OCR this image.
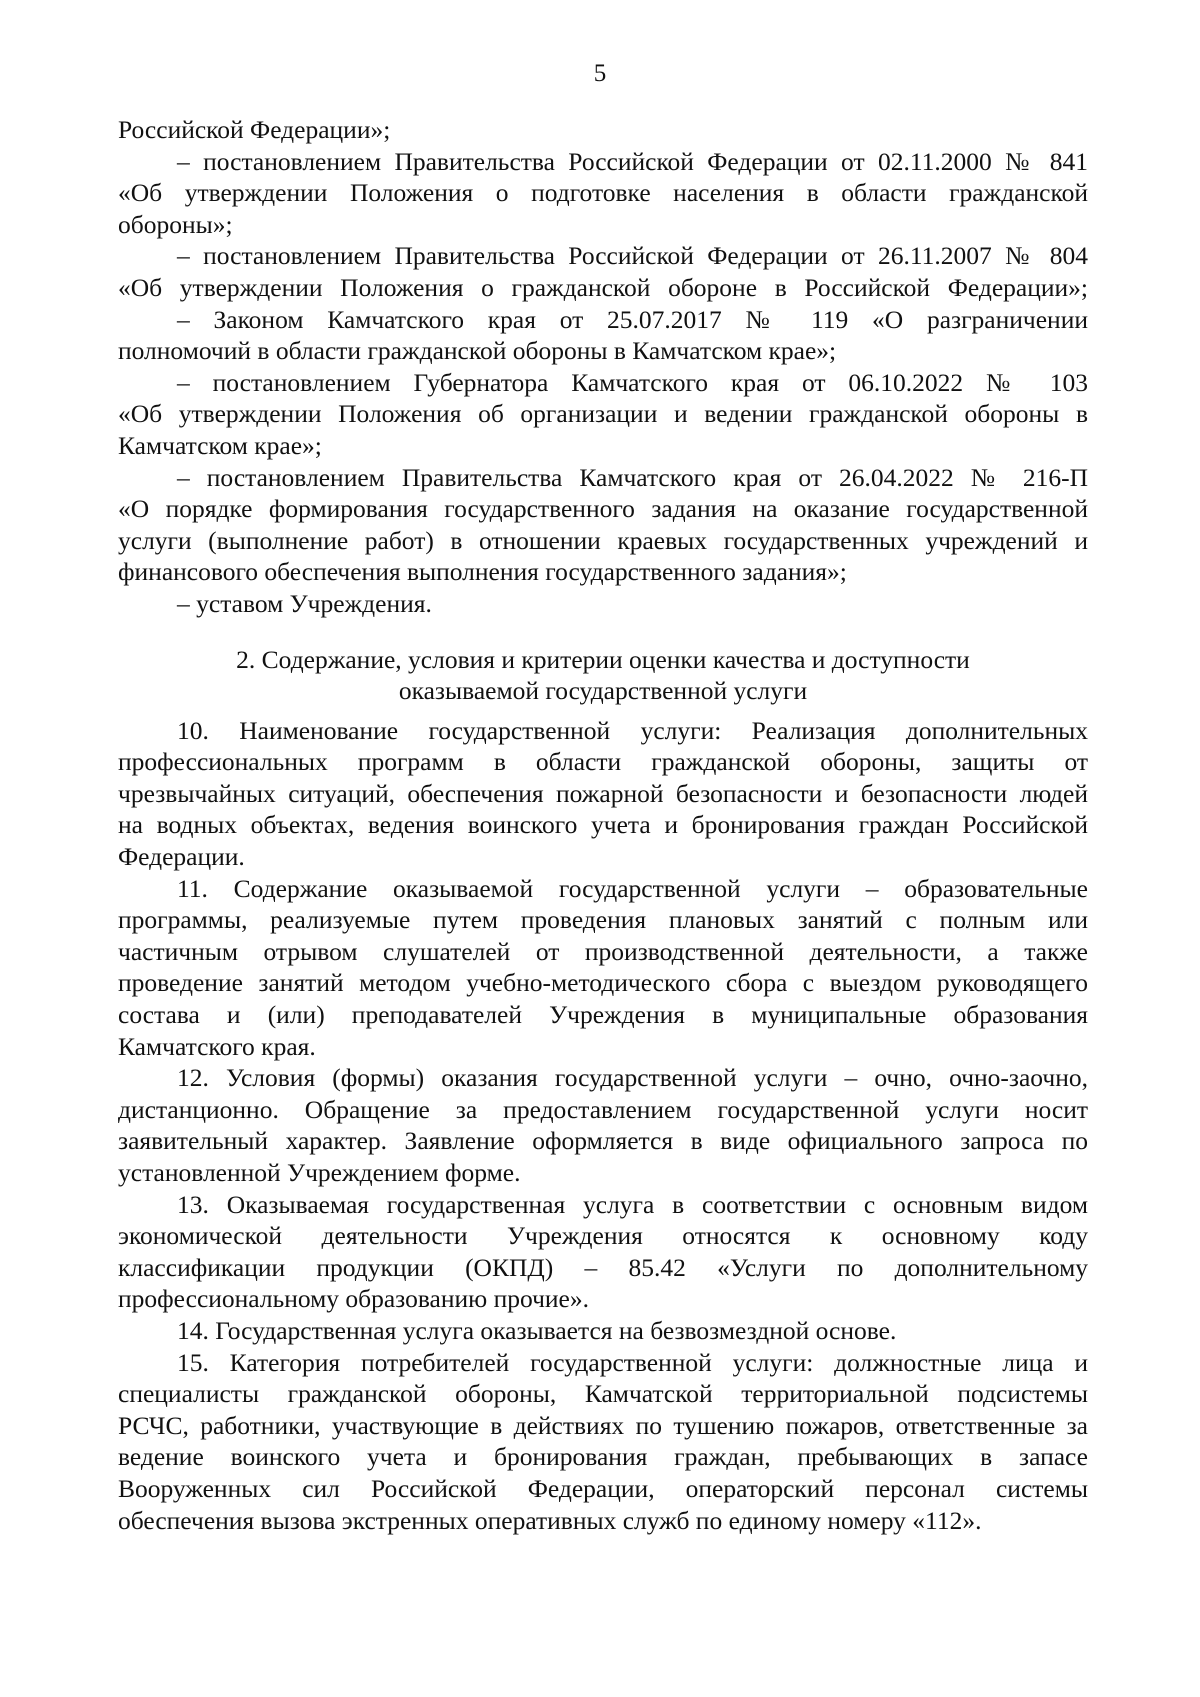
5
Российской Федерации»;
– постановлением Правительства Российской Федерации от 02.11.2000 № 841
«Об утверждении Положения о подготовке населения в области гражданской
обороны»;
– постановлением Правительства Российской Федерации от 26.11.2007 № 804
«Об утверждении Положения о гражданской обороне в Российской Федерации»;
– Законом Камчатского края от 25.07.2017 № 119 «О разграничении
полномочий в области гражданской обороны в Камчатском крае»;
– постановлением Губернатора Камчатского края от 06.10.2022 № 103
«Об утверждении Положения об организации и ведении гражданской обороны в
Камчатском крае»;
– постановлением Правительства Камчатского края от 26.04.2022 № 216-П
«О порядке формирования государственного задания на оказание государственной
услуги (выполнение работ) в отношении краевых государственных учреждений и
финансового обеспечения выполнения государственного задания»;
– уставом Учреждения.
2. Содержание, условия и критерии оценки качества и доступности
оказываемой государственной услуги
10. Наименование государственной услуги: Реализация дополнительных
профессиональных программ в области гражданской обороны, защиты от
чрезвычайных ситуаций, обеспечения пожарной безопасности и безопасности людей
на водных объектах, ведения воинского учета и бронирования граждан Российской
Федерации.
11. Содержание оказываемой государственной услуги – образовательные
программы, реализуемые путем проведения плановых занятий с полным или
частичным отрывом слушателей от производственной деятельности, а также
проведение занятий методом учебно-методического сбора с выездом руководящего
состава и (или) преподавателей Учреждения в муниципальные образования
Камчатского края.
12. Условия (формы) оказания государственной услуги – очно, очно-заочно,
дистанционно. Обращение за предоставлением государственной услуги носит
заявительный характер. Заявление оформляется в виде официального запроса по
установленной Учреждением форме.
13. Оказываемая государственная услуга в соответствии с основным видом
экономической деятельности Учреждения относятся к основному коду
классификации продукции (ОКПД) – 85.42 «Услуги по дополнительному
профессиональному образованию прочие».
14. Государственная услуга оказывается на безвозмездной основе.
15. Категория потребителей государственной услуги: должностные лица и
специалисты гражданской обороны, Камчатской территориальной подсистемы
РСЧС, работники, участвующие в действиях по тушению пожаров, ответственные за
ведение воинского учета и бронирования граждан, пребывающих в запасе
Вооруженных сил Российской Федерации, операторский персонал системы
обеспечения вызова экстренных оперативных служб по единому номеру «112».
